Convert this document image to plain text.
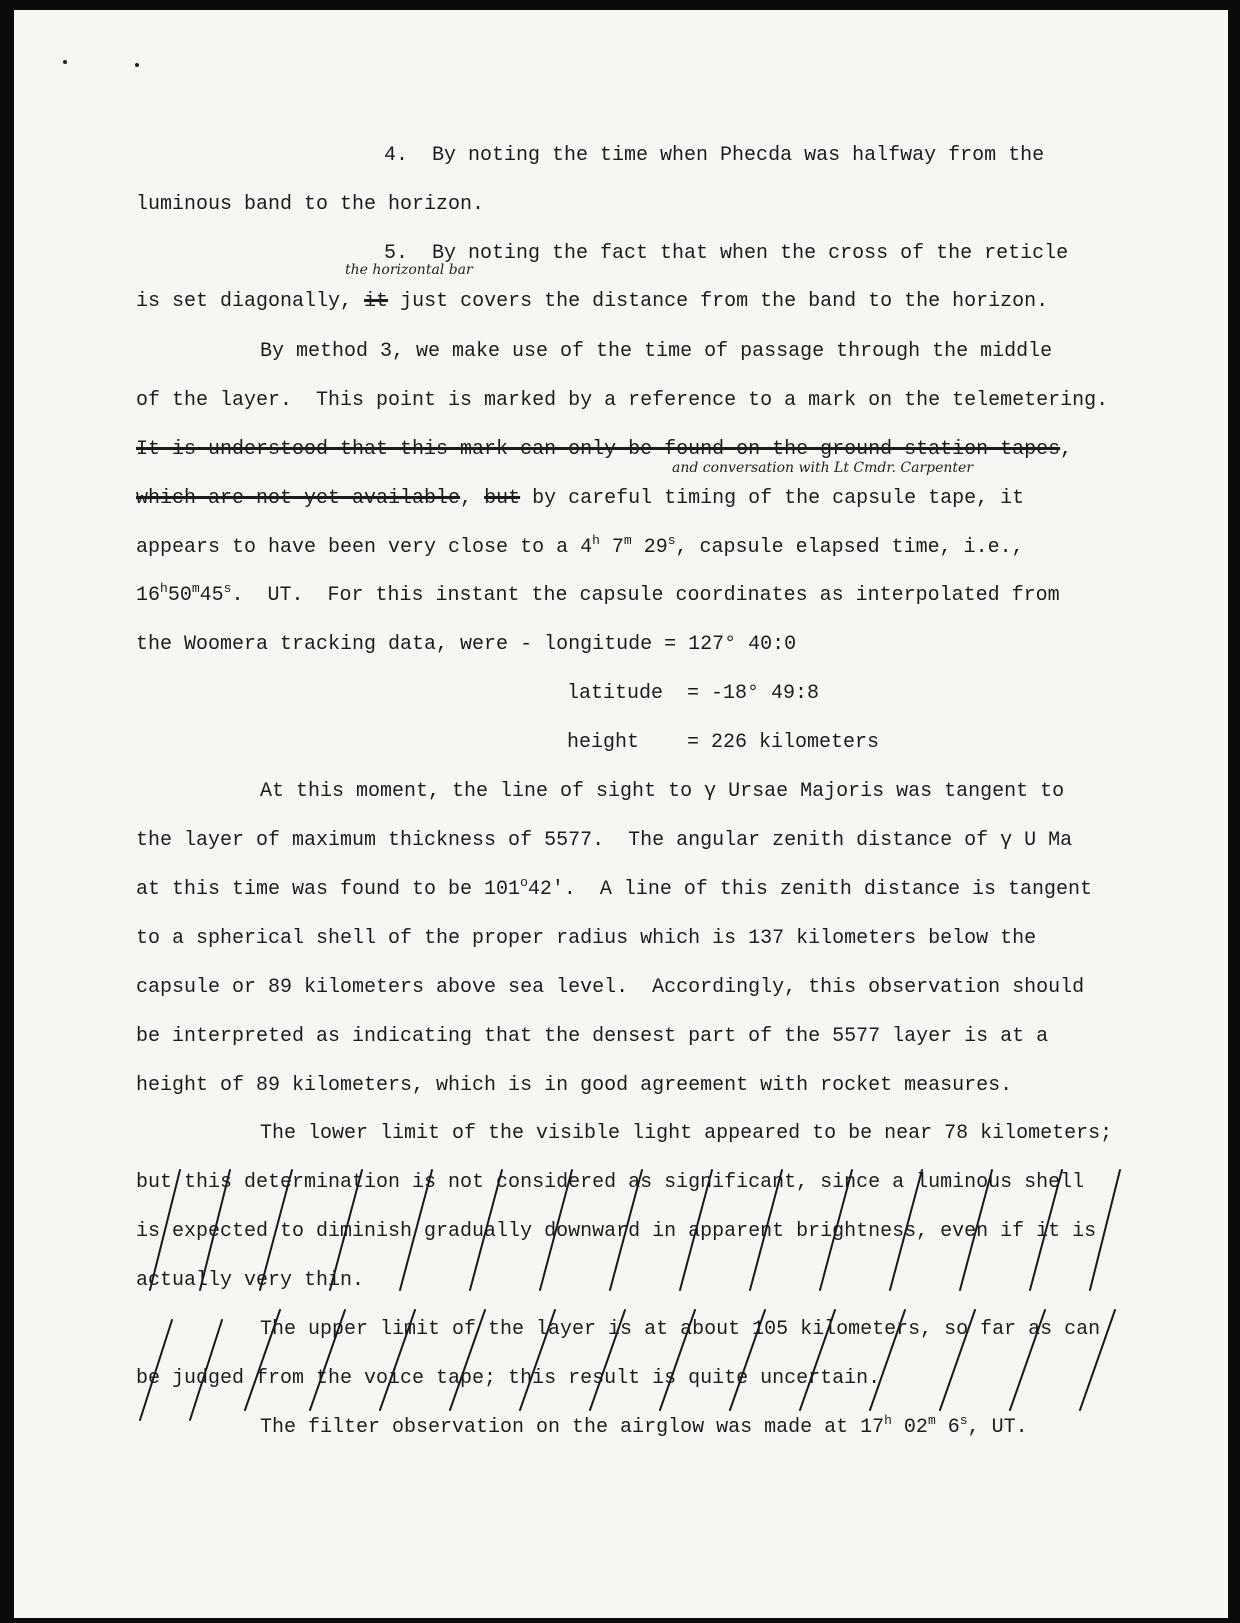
4.  By noting the time when Phecda was halfway from the
luminous band to the horizon.
5.  By noting the fact that when the cross of the reticle
the horizontal bar
is set diagonally, it just covers the distance from the band to the horizon.
By method 3, we make use of the time of passage through the middle
of the layer.  This point is marked by a reference to a mark on the telemetering.
It is understood that this mark can only be found on the ground station tapes,
and conversation with Lt Cmdr. Carpenter
which are not yet available, but by careful timing of the capsule tape, it
appears to have been very close to a 4$^h$ 7$^m$ 29$^s$, capsule elapsed time, i.e.,
16$^h$50$^m$45$^s$.  UT.  For this instant the capsule coordinates as interpolated from
the Woomera tracking data, were - longitude = 127° 40:0
latitude  = -18° 49:8
height    = 226 kilometers
At this moment, the line of sight to γ Ursae Majoris was tangent to
the layer of maximum thickness of 5577.  The angular zenith distance of γ U Ma
at this time was found to be 101$^o$42'.  A line of this zenith distance is tangent
to a spherical shell of the proper radius which is 137 kilometers below the
capsule or 89 kilometers above sea level.  Accordingly, this observation should
be interpreted as indicating that the densest part of the 5577 layer is at a
height of 89 kilometers, which is in good agreement with rocket measures.
The lower limit of the visible light appeared to be near 78 kilometers;
but this determination is not considered as significant, since a luminous shell
is expected to diminish gradually downward in apparent brightness, even if it is
actually very thin.
The upper limit of the layer is at about 105 kilometers, so far as can
be judged from the voice tape; this result is quite uncertain.
The filter observation on the airglow was made at 17$^h$ 02$^m$ 6$^s$, UT.
